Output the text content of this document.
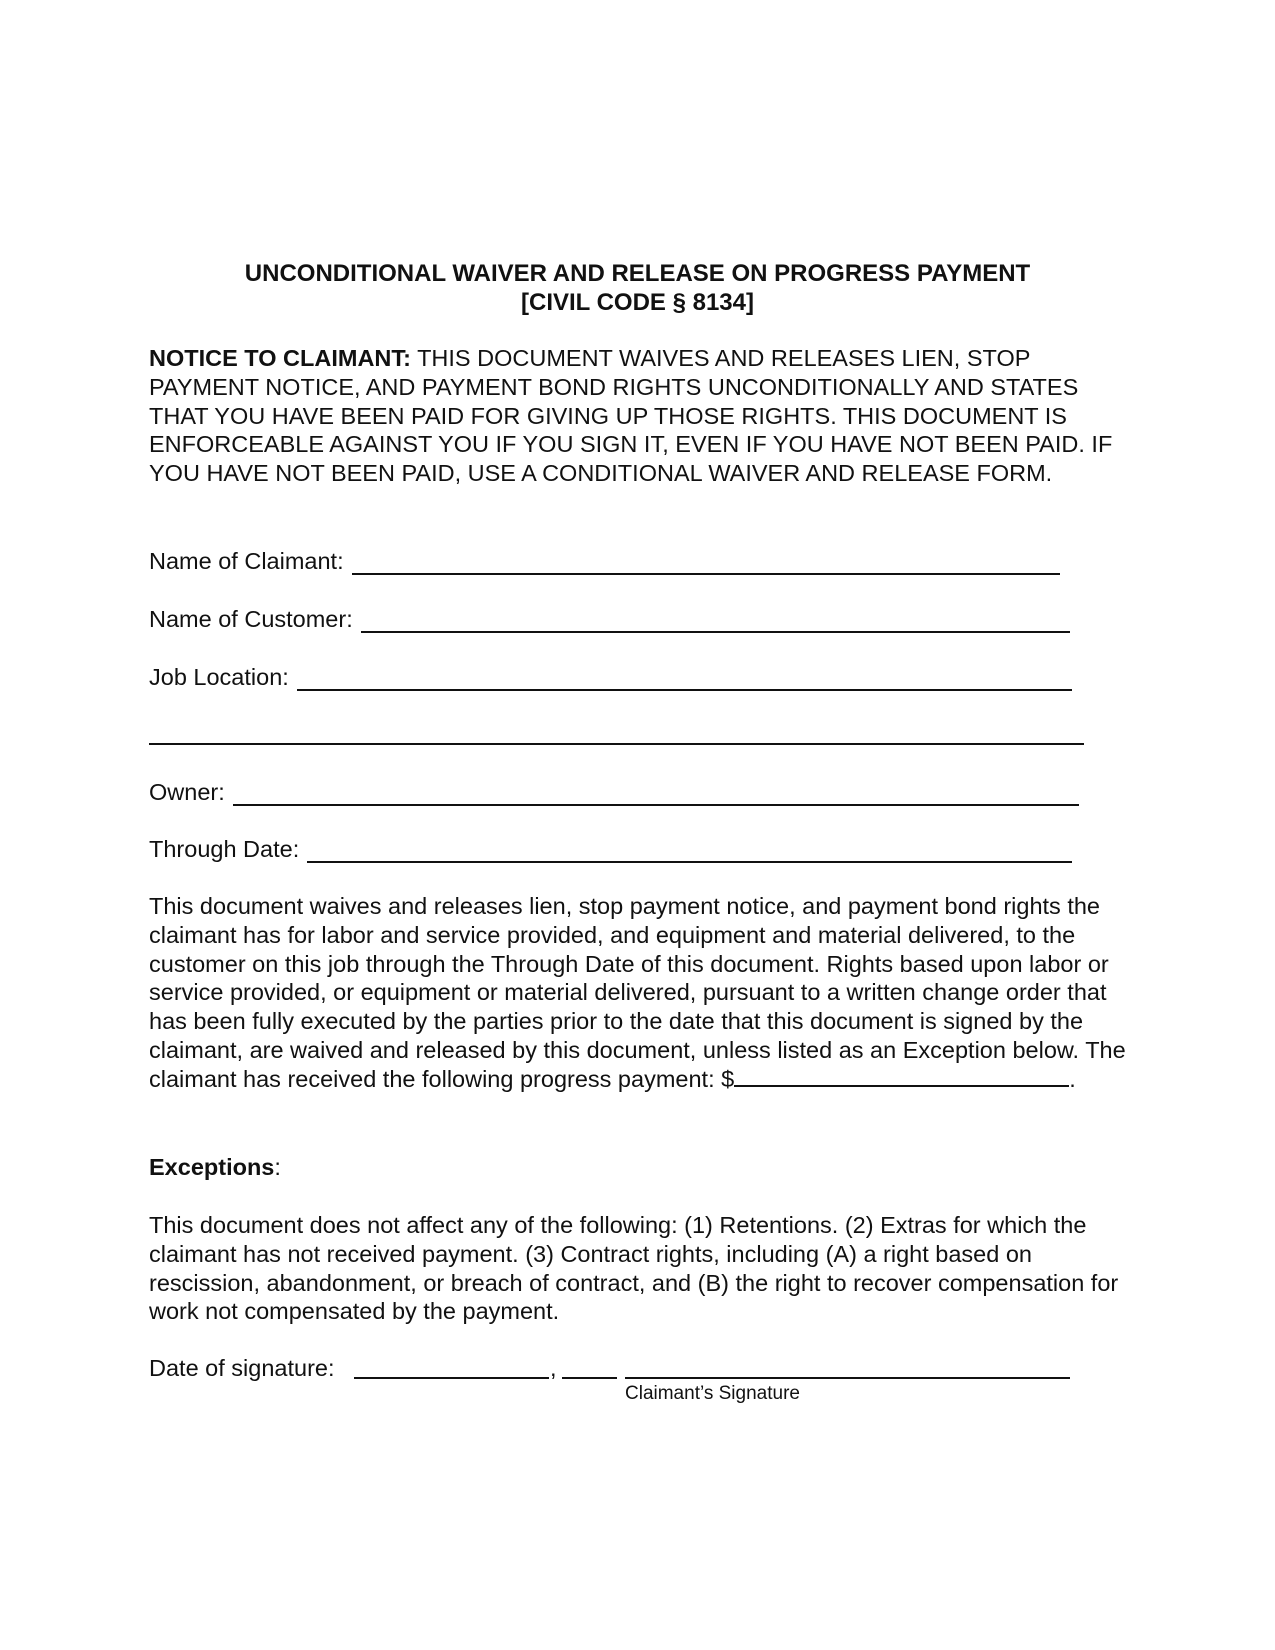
UNCONDITIONAL WAIVER AND RELEASE ON PROGRESS PAYMENT
[CIVIL CODE § 8134]
NOTICE TO CLAIMANT: THIS DOCUMENT WAIVES AND RELEASES LIEN, STOP PAYMENT NOTICE, AND PAYMENT BOND RIGHTS UNCONDITIONALLY AND STATES THAT YOU HAVE BEEN PAID FOR GIVING UP THOSE RIGHTS. THIS DOCUMENT IS ENFORCEABLE AGAINST YOU IF YOU SIGN IT, EVEN IF YOU HAVE NOT BEEN PAID. IF YOU HAVE NOT BEEN PAID, USE A CONDITIONAL WAIVER AND RELEASE FORM.
Name of Claimant:
Name of Customer:
Job Location:
Owner:
Through Date:
This document waives and releases lien, stop payment notice, and payment bond rights the claimant has for labor and service provided, and equipment and material delivered, to the customer on this job through the Through Date of this document. Rights based upon labor or service provided, or equipment or material delivered, pursuant to a written change order that has been fully executed by the parties prior to the date that this document is signed by the claimant, are waived and released by this document, unless listed as an Exception below. The claimant has received the following progress payment: $	.
Exceptions:
This document does not affect any of the following: (1) Retentions. (2) Extras for which the claimant has not received payment. (3) Contract rights, including (A) a right based on rescission, abandonment, or breach of contract, and (B) the right to recover compensation for work not compensated by the payment.
Date of signature:	,
Claimant’s Signature
